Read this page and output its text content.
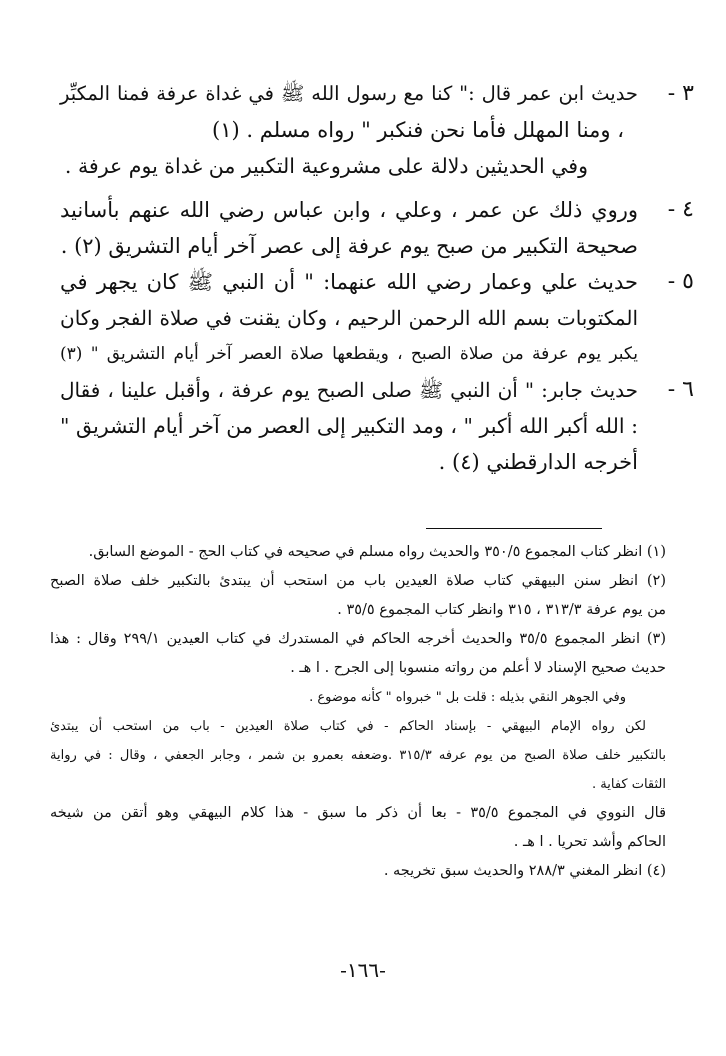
٣ -
حديث ابن عمر قال :" كنا مع رسول الله ﷺ في غداة عرفة فمنا المكبِّر
، ومنا المهلل فأما نحن فنكبر " رواه مسلم . (١)
وفي الحديثين دلالة على مشروعية التكبير من غداة يوم عرفة .
٤ -
وروي ذلك عن عمر ، وعلي ، وابن عباس رضي الله عنهم بأسانيد
صحيحة التكبير من صبح يوم عرفة إلى عصر آخر أيام التشريق (٢) .
٥ -
حديث علي وعمار رضي الله عنهما: " أن النبي ﷺ كان يجهر في
المكتوبات بسم الله الرحمن الرحيم ، وكان يقنت في صلاة الفجر وكان
يكبر يوم عرفة من صلاة الصبح ، ويقطعها صلاة العصر آخر أيام التشريق " (٣)
٦ -
حديث جابر: " أن النبي ﷺ صلى الصبح يوم عرفة ، وأقبل علينا ، فقال
: الله أكبر الله أكبر " ، ومد التكبير إلى العصر من آخر أيام التشريق "
أخرجه الدارقطني (٤) .
(١) انظر كتاب المجموع ٣٥٠/٥ والحديث رواه مسلم في صحيحه في كتاب الحج - الموضع السابق.
(٢) انظر سنن البيهقي كتاب صلاة العيدين باب من استحب أن يبتدئ بالتكبير خلف صلاة الصبح
من يوم عرفة ٣١٣/٣ ، ٣١٥ وانظر كتاب المجموع ٣٥/٥ .
(٣) انظر المجموع ٣٥/٥ والحديث أخرجه الحاكم في المستدرك في كتاب العيدين ٢٩٩/١ وقال : هذا
حديث صحيح الإسناد لا أعلم من رواته منسوبا إلى الجرح . ا هـ .
وفي الجوهر النقي بذيله : قلت بل " خبرواه " كأنه موضوع .
لكن رواه الإمام البيهقي - بإسناد الحاكم - في كتاب صلاة العيدين - باب من استحب أن يبتدئ
بالتكبير خلف صلاة الصبح من يوم عرفه ٣١٥/٣ .وضعفه بعمرو بن شمر ، وجابر الجعفي ، وقال : في رواية
الثقات كفاية .
قال النووي في المجموع ٣٥/٥ - بعا أن ذكر ما سبق - هذا كلام البيهقي وهو أتقن من شيخه
الحاكم وأشد تحريا . ا هـ .
(٤) انظر المغني ٢٨٨/٣ والحديث سبق تخريجه .
-١٦٦-
